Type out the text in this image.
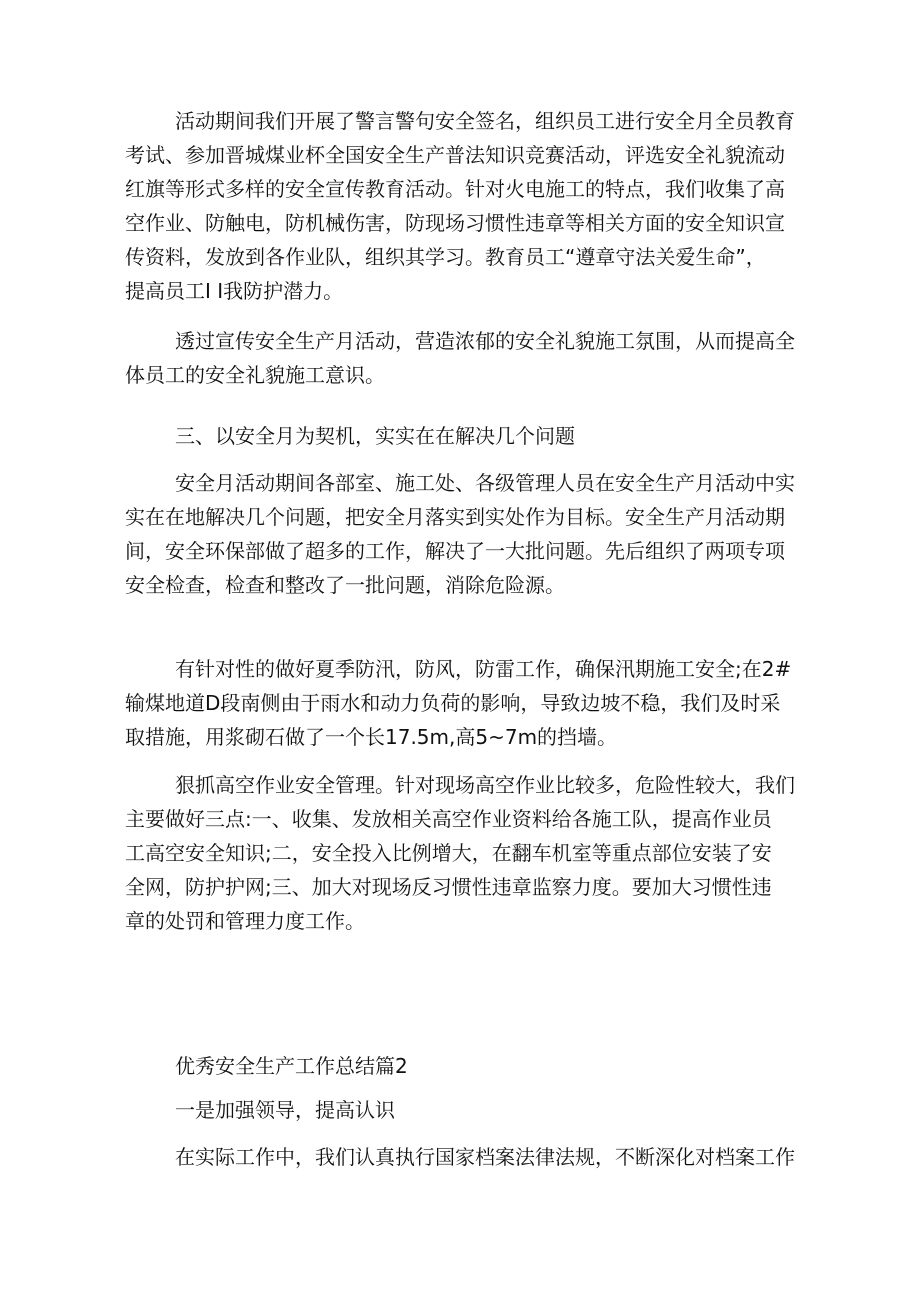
活动期间我们开展了警言警句安全签名，组织员工进行安全月全员教育
考试、参加晋城煤业杯全国安全生产普法知识竞赛活动，评选安全礼貌流动
红旗等形式多样的安全宣传教育活动。针对火电施工的特点，我们收集了高
空作业、防触电，防机械伤害，防现场习惯性违章等相关方面的安全知识宣
传资料，发放到各作业队，组织其学习。教育员工“遵章守法关爱生命”，
提高员工I I我防护潜力。

透过宣传安全生产月活动，营造浓郁的安全礼貌施工氛围，从而提高全
体员工的安全礼貌施工意识。

三、以安全月为契机，实实在在解决几个问题

安全月活动期间各部室、施工处、各级管理人员在安全生产月活动中实
实在在地解决几个问题，把安全月落实到实处作为目标。安全生产月活动期
间，安全环保部做了超多的工作，解决了一大批问题。先后组织了两项专项
安全检查，检查和整改了一批问题，消除危险源。

有针对性的做好夏季防汛，防风，防雷工作，确保汛期施工安全;在2#
输煤地道D段南侧由于雨水和动力负荷的影响，导致边坡不稳，我们及时采
取措施，用浆砌石做了一个长17.5m,高5~7m的挡墙。

狠抓高空作业安全管理。针对现场高空作业比较多，危险性较大，我们
主要做好三点:一、收集、发放相关高空作业资料给各施工队，提高作业员
工高空安全知识;二，安全投入比例增大，在翻车机室等重点部位安装了安
全网，防护护网;三、加大对现场反习惯性违章监察力度。要加大习惯性违
章的处罚和管理力度工作。

优秀安全生产工作总结篇2

一是加强领导，提高认识

在实际工作中，我们认真执行国家档案法律法规，不断深化对档案工作
